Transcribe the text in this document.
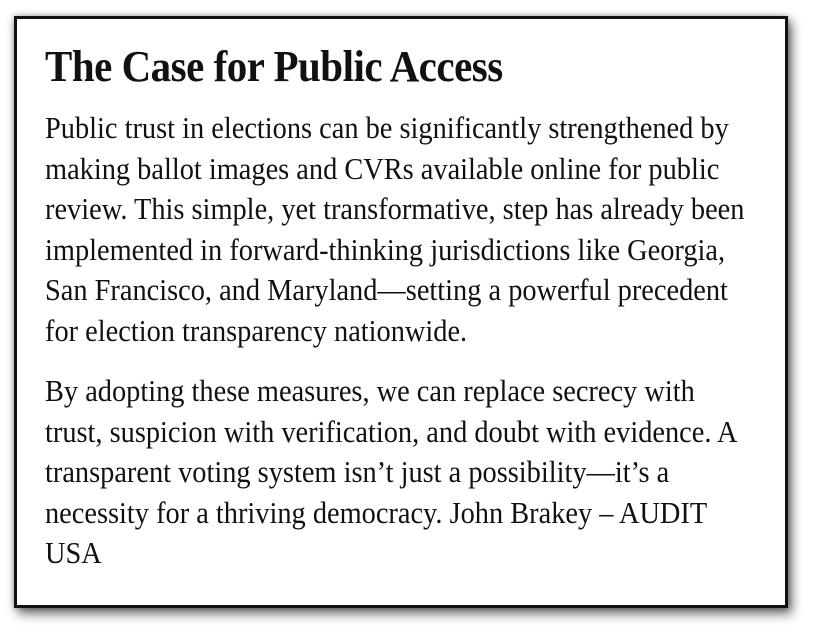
The Case for Public Access

Public trust in elections can be significantly strengthened by making ballot images and CVRs available online for public review. This simple, yet transformative, step has already been implemented in forward-thinking jurisdictions like Georgia, San Francisco, and Maryland—setting a powerful precedent for election transparency nationwide.

By adopting these measures, we can replace secrecy with trust, suspicion with verification, and doubt with evidence. A transparent voting system isn’t just a possibility—it’s a necessity for a thriving democracy. John Brakey – AUDIT USA
